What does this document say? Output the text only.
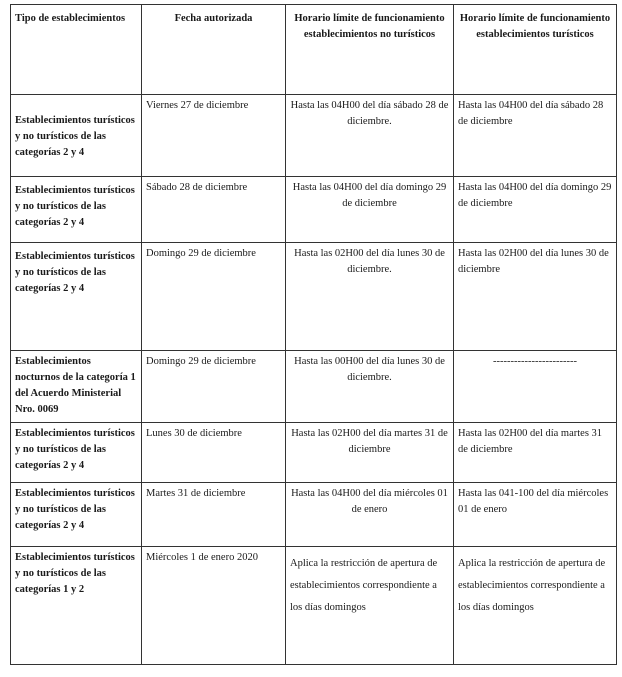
Tipo de establecimientos	Fecha autorizada	Horario límite de funcionamiento establecimientos no turísticos	Horario límite de funcionamiento establecimientos turísticos
Establecimientos turísticos y no turísticos de las categorías 2 y 4	Viernes 27 de diciembre	Hasta las 04H00 del día sábado 28 de diciembre.	Hasta las 04H00 del día sábado 28 de diciembre
Establecimientos turísticos y no turísticos de las categorías 2 y 4	Sábado 28 de diciembre	Hasta las 04H00 del día domingo 29 de diciembre	Hasta las 04H00 del día domingo 29 de diciembre
Establecimientos turísticos y no turísticos de las categorías 2 y 4	Domingo 29 de diciembre	Hasta las 02H00 del día lunes 30 de diciembre.	Hasta las 02H00 del día lunes 30 de diciembre
Establecimientos nocturnos de la categoría 1 del Acuerdo Ministerial Nro. 0069	Domingo 29 de diciembre	Hasta las 00H00 del día lunes 30 de diciembre.	------------------------
Establecimientos turísticos y no turísticos de las categorías 2 y 4	Lunes 30 de diciembre	Hasta las 02H00 del día martes 31 de diciembre	Hasta las 02H00 del día martes 31 de diciembre
Establecimientos turísticos y no turísticos de las categorías 2 y 4	Martes 31 de diciembre	Hasta las 04H00 del día miércoles 01 de enero	Hasta las 041-100 del día miércoles 01 de enero
Establecimientos turísticos y no turísticos de las categorías 1 y 2	Miércoles 1 de enero 2020	Aplica la restricción de apertura de establecimientos correspondiente a los días domingos	Aplica la restricción de apertura de establecimientos correspondiente a los días domingos
